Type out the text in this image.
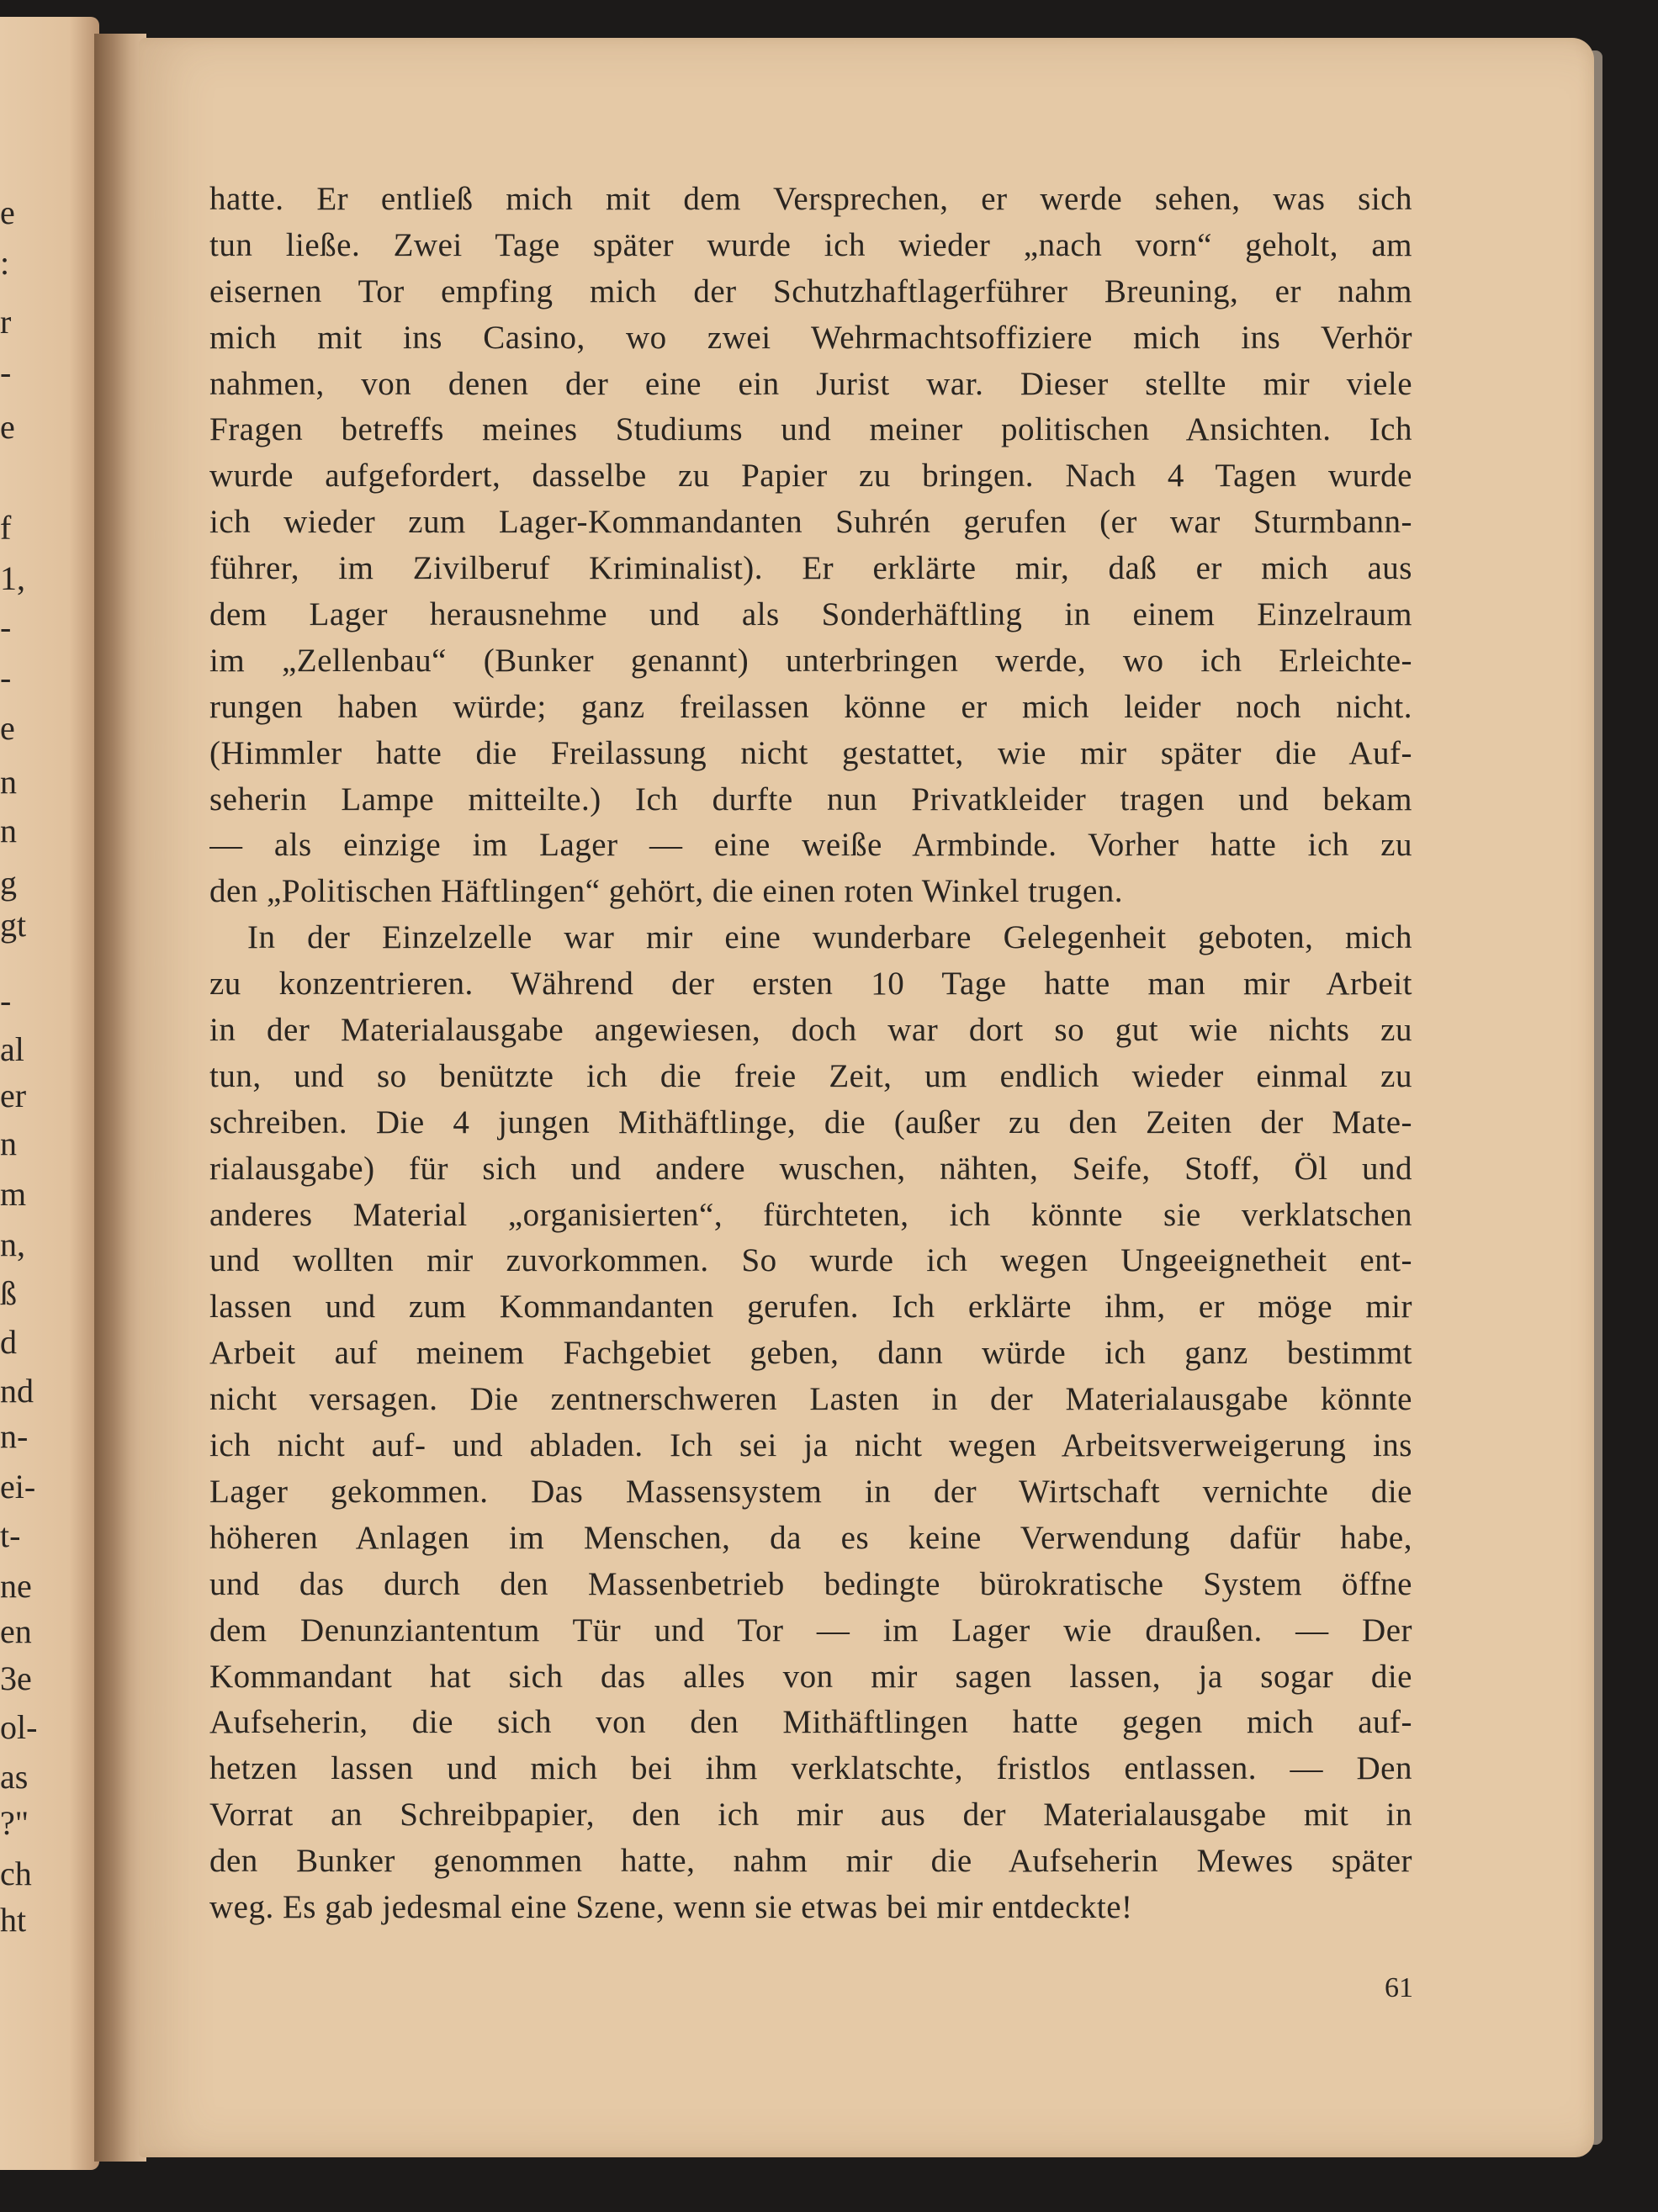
e
:
r
-
e
f
1,
-
-
e
n
n
g
gt
-
al
er
n
m
n,
ß
d
nd
n-
ei-
t-
ne
en
3e
ol-
as
?"
ch
ht
hatte. Er entließ mich mit dem Versprechen, er werde sehen, was sich
tun ließe. Zwei Tage später wurde ich wieder „nach vorn“ geholt, am
eisernen Tor empfing mich der Schutzhaftlagerführer Breuning, er nahm
mich mit ins Casino, wo zwei Wehrmachtsoffiziere mich ins Verhör
nahmen, von denen der eine ein Jurist war. Dieser stellte mir viele
Fragen betreffs meines Studiums und meiner politischen Ansichten. Ich
wurde aufgefordert, dasselbe zu Papier zu bringen. Nach 4 Tagen wurde
ich wieder zum Lager-Kommandanten Suhrén gerufen (er war Sturmbann-
führer, im Zivilberuf Kriminalist). Er erklärte mir, daß er mich aus
dem Lager herausnehme und als Sonderhäftling in einem Einzelraum
im „Zellenbau“ (Bunker genannt) unterbringen werde, wo ich Erleichte-
rungen haben würde; ganz freilassen könne er mich leider noch nicht.
(Himmler hatte die Freilassung nicht gestattet, wie mir später die Auf-
seherin Lampe mitteilte.) Ich durfte nun Privatkleider tragen und bekam
— als einzige im Lager — eine weiße Armbinde. Vorher hatte ich zu
den „Politischen Häftlingen“ gehört, die einen roten Winkel trugen.
In der Einzelzelle war mir eine wunderbare Gelegenheit geboten, mich
zu konzentrieren. Während der ersten 10 Tage hatte man mir Arbeit
in der Materialausgabe angewiesen, doch war dort so gut wie nichts zu
tun, und so benützte ich die freie Zeit, um endlich wieder einmal zu
schreiben. Die 4 jungen Mithäftlinge, die (außer zu den Zeiten der Mate-
rialausgabe) für sich und andere wuschen, nähten, Seife, Stoff, Öl und
anderes Material „organisierten“, fürchteten, ich könnte sie verklatschen
und wollten mir zuvorkommen. So wurde ich wegen Ungeeignetheit ent-
lassen und zum Kommandanten gerufen. Ich erklärte ihm, er möge mir
Arbeit auf meinem Fachgebiet geben, dann würde ich ganz bestimmt
nicht versagen. Die zentnerschweren Lasten in der Materialausgabe könnte
ich nicht auf- und abladen. Ich sei ja nicht wegen Arbeitsverweigerung ins
Lager gekommen. Das Massensystem in der Wirtschaft vernichte die
höheren Anlagen im Menschen, da es keine Verwendung dafür habe,
und das durch den Massenbetrieb bedingte bürokratische System öffne
dem Denunziantentum Tür und Tor — im Lager wie draußen. — Der
Kommandant hat sich das alles von mir sagen lassen, ja sogar die
Aufseherin, die sich von den Mithäftlingen hatte gegen mich auf-
hetzen lassen und mich bei ihm verklatschte, fristlos entlassen. — Den
Vorrat an Schreibpapier, den ich mir aus der Materialausgabe mit in
den Bunker genommen hatte, nahm mir die Aufseherin Mewes später
weg. Es gab jedesmal eine Szene, wenn sie etwas bei mir entdeckte!
61
